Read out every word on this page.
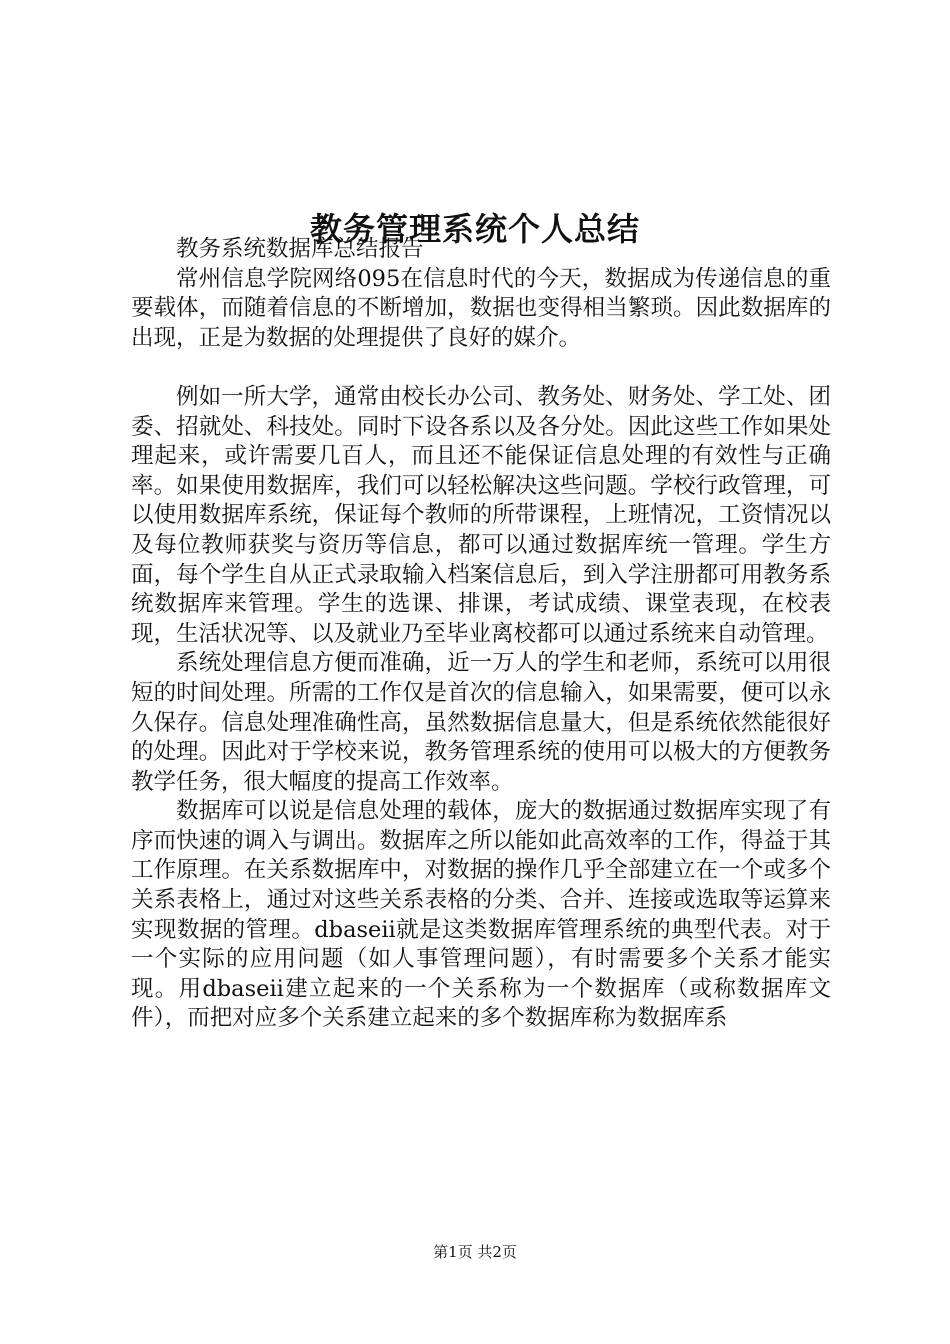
教务管理系统个人总结

教务系统数据库总结报告

常州信息学院网络095在信息时代的今天，数据成为传递信息的重要载体，而随着信息的不断增加，数据也变得相当繁琐。因此数据库的出现，正是为数据的处理提供了良好的媒介。

例如一所大学，通常由校长办公司、教务处、财务处、学工处、团委、招就处、科技处。同时下设各系以及各分处。因此这些工作如果处理起来，或许需要几百人，而且还不能保证信息处理的有效性与正确率。如果使用数据库，我们可以轻松解决这些问题。学校行政管理，可以使用数据库系统，保证每个教师的所带课程，上班情况，工资情况以及每位教师获奖与资历等信息，都可以通过数据库统一管理。学生方面，每个学生自从正式录取输入档案信息后，到入学注册都可用教务系统数据库来管理。学生的选课、排课，考试成绩、课堂表现，在校表现，生活状况等、以及就业乃至毕业离校都可以通过系统来自动管理。

系统处理信息方便而准确，近一万人的学生和老师，系统可以用很短的时间处理。所需的工作仅是首次的信息输入，如果需要，便可以永久保存。信息处理准确性高，虽然数据信息量大，但是系统依然能很好的处理。因此对于学校来说，教务管理系统的使用可以极大的方便教务教学任务，很大幅度的提高工作效率。

数据库可以说是信息处理的载体，庞大的数据通过数据库实现了有序而快速的调入与调出。数据库之所以能如此高效率的工作，得益于其工作原理。在关系数据库中，对数据的操作几乎全部建立在一个或多个关系表格上，通过对这些关系表格的分类、合并、连接或选取等运算来实现数据的管理。dbaseii就是这类数据库管理系统的典型代表。对于一个实际的应用问题（如人事管理问题），有时需要多个关系才能实现。用dbaseii建立起来的一个关系称为一个数据库（或称数据库文件），而把对应多个关系建立起来的多个数据库称为数据库系

第1页 共2页
